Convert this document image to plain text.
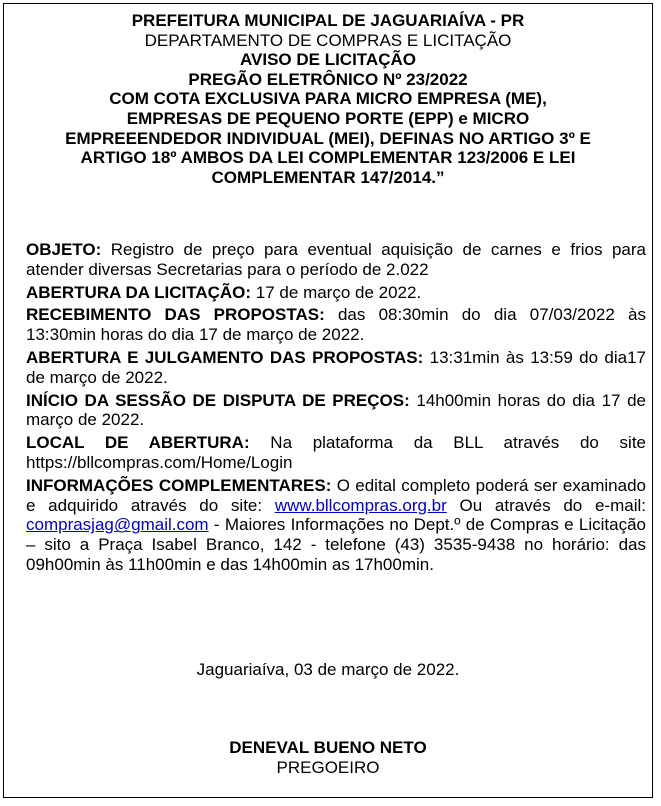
PREFEITURA MUNICIPAL DE JAGUARIAÍVA - PR
DEPARTAMENTO DE COMPRAS E LICITAÇÃO
AVISO DE LICITAÇÃO
PREGÃO ELETRÔNICO Nº 23/2022
COM COTA EXCLUSIVA PARA MICRO EMPRESA (ME),
EMPRESAS DE PEQUENO PORTE (EPP) e MICRO
EMPREEENDEDOR INDIVIDUAL (MEI), DEFINAS NO ARTIGO 3º E
ARTIGO 18º AMBOS DA LEI COMPLEMENTAR 123/2006 E LEI
COMPLEMENTAR 147/2014.”

OBJETO: Registro de preço para eventual aquisição de carnes e frios para atender diversas Secretarias para o período de 2.022

ABERTURA DA LICITAÇÃO: 17 de março de 2022.

RECEBIMENTO DAS PROPOSTAS: das 08:30min do dia 07/03/2022 às 13:30min horas do dia 17 de março de 2022.

ABERTURA E JULGAMENTO DAS PROPOSTAS: 13:31min às 13:59 do dia17 de março de 2022.

INÍCIO DA SESSÃO DE DISPUTA DE PREÇOS: 14h00min horas do dia 17 de março de 2022.

LOCAL DE ABERTURA: Na plataforma da BLL através do site https://bllcompras.com/Home/Login

INFORMAÇÕES COMPLEMENTARES: O edital completo poderá ser examinado e adquirido através do site: www.bllcompras.org.br Ou através do e-mail: comprasjag@gmail.com - Maiores Informações no Dept.º de Compras e Licitação – sito a Praça Isabel Branco, 142 - telefone (43) 3535-9438 no horário: das 09h00min às 11h00min e das 14h00min as 17h00min.

Jaguariaíva, 03 de março de 2022.
DENEVAL BUENO NETO
PREGOEIRO
